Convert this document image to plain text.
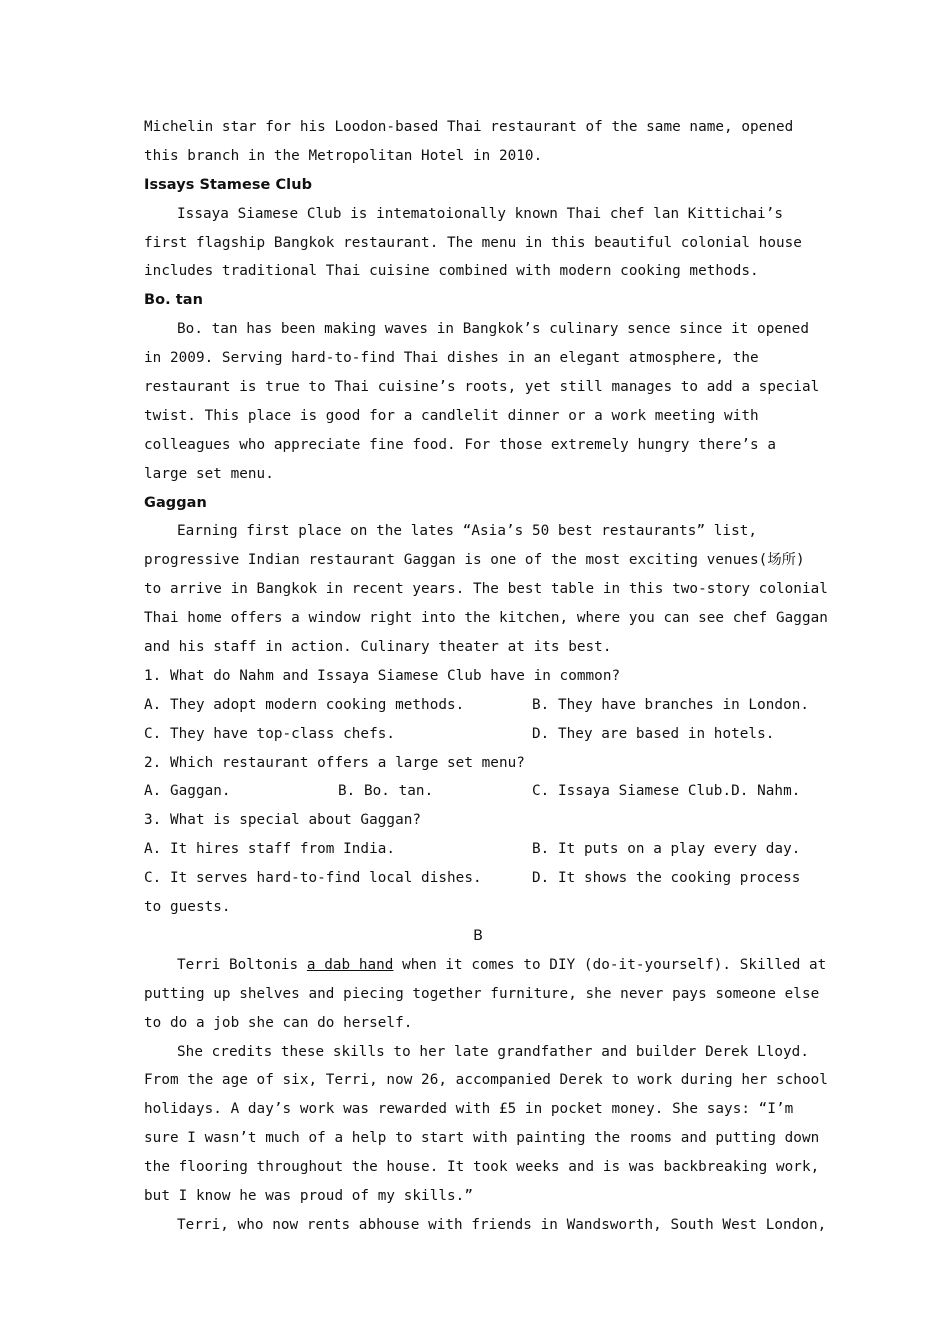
Michelin star for his Loodon-based Thai restaurant of the same name, opened
this branch in the Metropolitan Hotel in 2010.
Issays Stamese Club
Issaya Siamese Club is intematoionally known Thai chef lan Kittichai’s
first flagship Bangkok restaurant. The menu in this beautiful colonial house
includes traditional Thai cuisine combined with modern cooking methods.
Bo. tan
Bo. tan has been making waves in Bangkok’s culinary sence since it opened
in 2009. Serving hard-to-find Thai dishes in an elegant atmosphere, the
restaurant is true to Thai cuisine’s roots, yet still manages to add a special
twist. This place is good for a candlelit dinner or a work meeting with
colleagues who appreciate fine food. For those extremely hungry there’s a
large set menu.
Gaggan
Earning first place on the lates “Asia’s 50 best restaurants” list,
progressive Indian restaurant Gaggan is one of the most exciting venues(场所)
to arrive in Bangkok in recent years. The best table in this two-story colonial
Thai home offers a window right into the kitchen, where you can see chef Gaggan
and his staff in action. Culinary theater at its best.
1. What do Nahm and Issaya Siamese Club have in common?
A. They adopt modern cooking methods.	B. They have branches in London.
C. They have top-class chefs.	D. They are based in hotels.
2. Which restaurant offers a large set menu?
A. Gaggan.	B. Bo. tan.	C. Issaya Siamese Club. D. Nahm.
3. What is special about Gaggan?
A. It hires staff from India.	B. It puts on a play every day.
C. It serves hard-to-find local dishes.	D. It shows the cooking process
to guests.
B
Terri Boltonis a dab hand when it comes to DIY (do-it-yourself). Skilled at
putting up shelves and piecing together furniture, she never pays someone else
to do a job she can do herself.
She credits these skills to her late grandfather and builder Derek Lloyd.
From the age of six, Terri, now 26, accompanied Derek to work during her school
holidays. A day’s work was rewarded with £5 in pocket money. She says: “I’m
sure I wasn’t much of a help to start with painting the rooms and putting down
the flooring throughout the house. It took weeks and is was backbreaking work,
but I know he was proud of my skills.”
Terri, who now rents abhouse with friends in Wandsworth, South West London,
